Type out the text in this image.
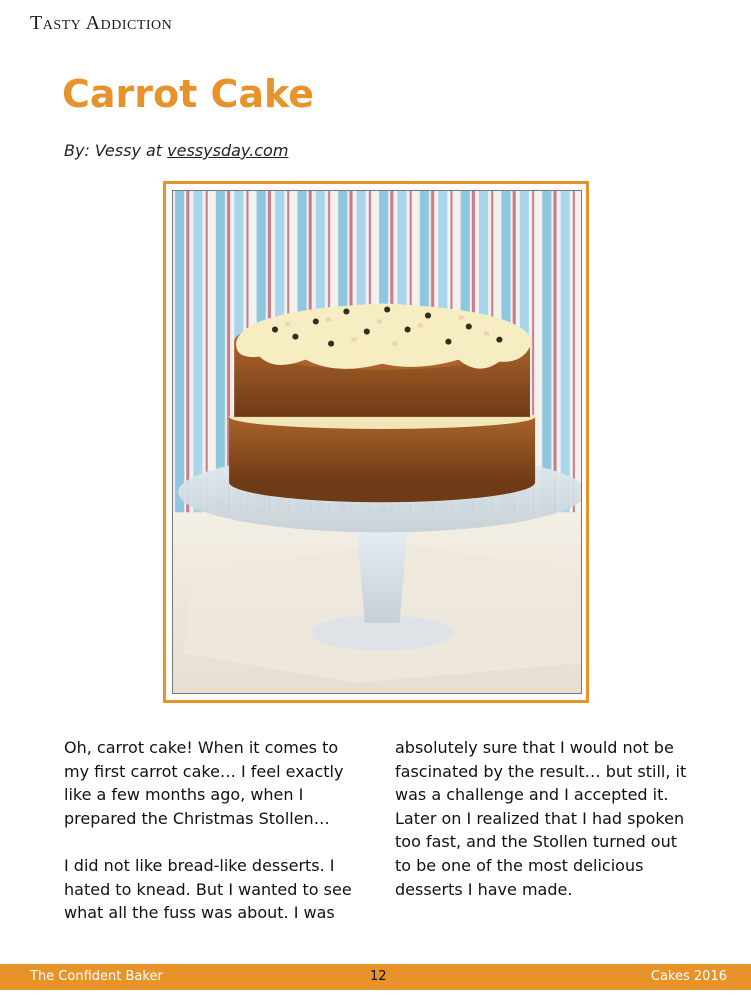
Tasty Addiction
Carrot Cake
By: Vessy at vessysday.com

Oh, carrot cake! When it comes to my first carrot cake… I feel exactly like a few months ago, when I prepared the Christmas Stollen…

I did not like bread-like desserts. I hated to knead. But I wanted to see what all the fuss was about. I was

absolutely sure that I would not be fascinated by the result… but still, it was a challenge and I accepted it. Later on I realized that I had spoken too fast, and the Stollen turned out to be one of the most delicious desserts I have made.

The Confident Baker	12	Cakes 2016
